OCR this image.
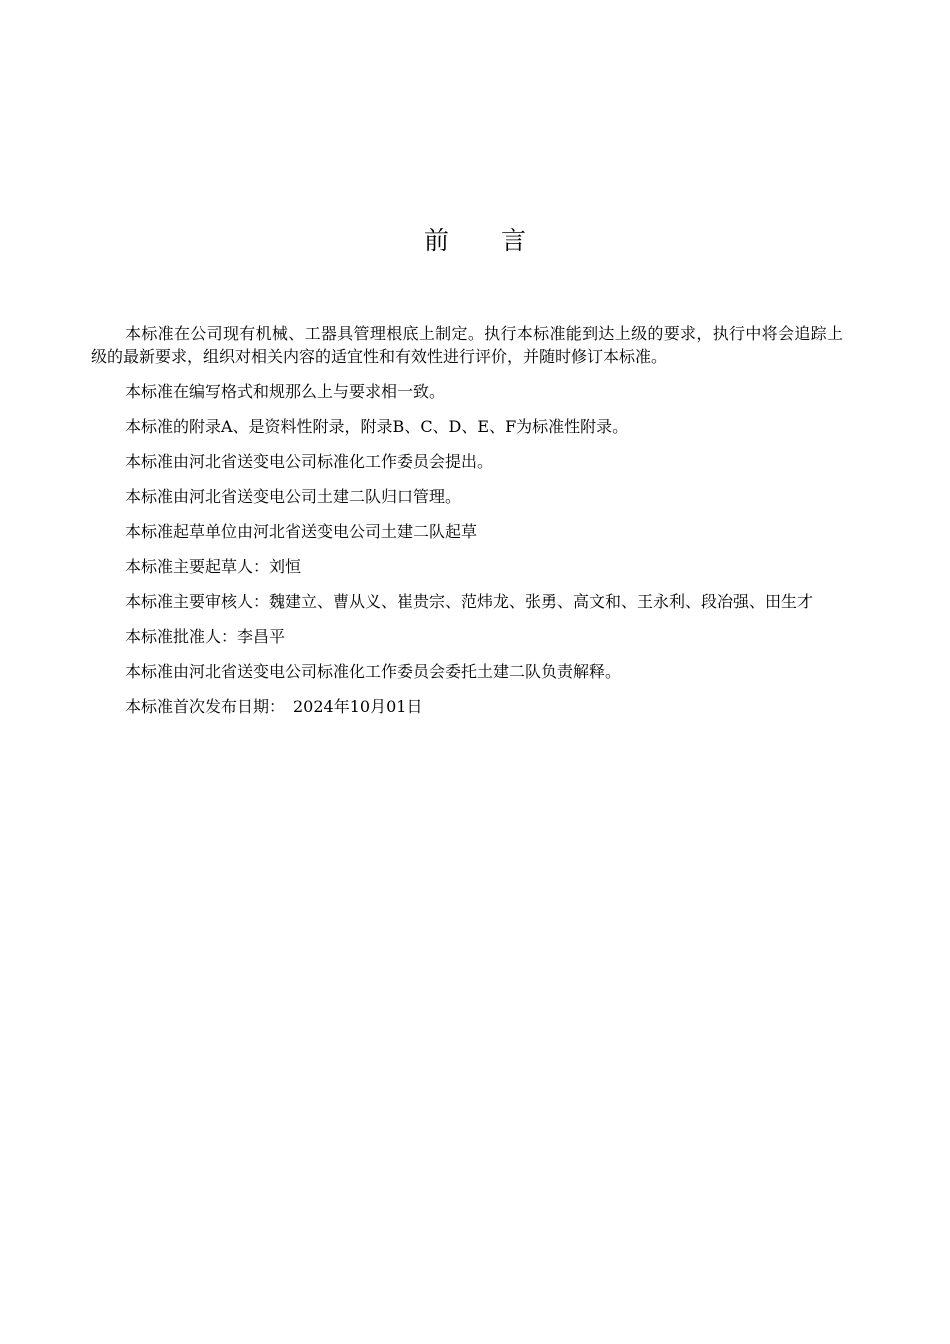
前言

本标准在公司现有机械、工器具管理根底上制定。执行本标准能到达上级的要求，执行中将会追踪上级的最新要求，组织对相关内容的适宜性和有效性进行评价，并随时修订本标准。

本标准在编写格式和规那么上与要求相一致。

本标准的附录A、是资料性附录，附录B、C、D、E、F为标准性附录。

本标准由河北省送变电公司标准化工作委员会提出。

本标准由河北省送变电公司土建二队归口管理。

本标准起草单位由河北省送变电公司土建二队起草

本标准主要起草人：刘恒

本标准主要审核人：魏建立、曹从义、崔贵宗、范炜龙、张勇、高文和、王永利、段冶强、田生才

本标准批准人：李昌平

本标准由河北省送变电公司标准化工作委员会委托土建二队负责解释。

本标准首次发布日期：　2024年10月01日
